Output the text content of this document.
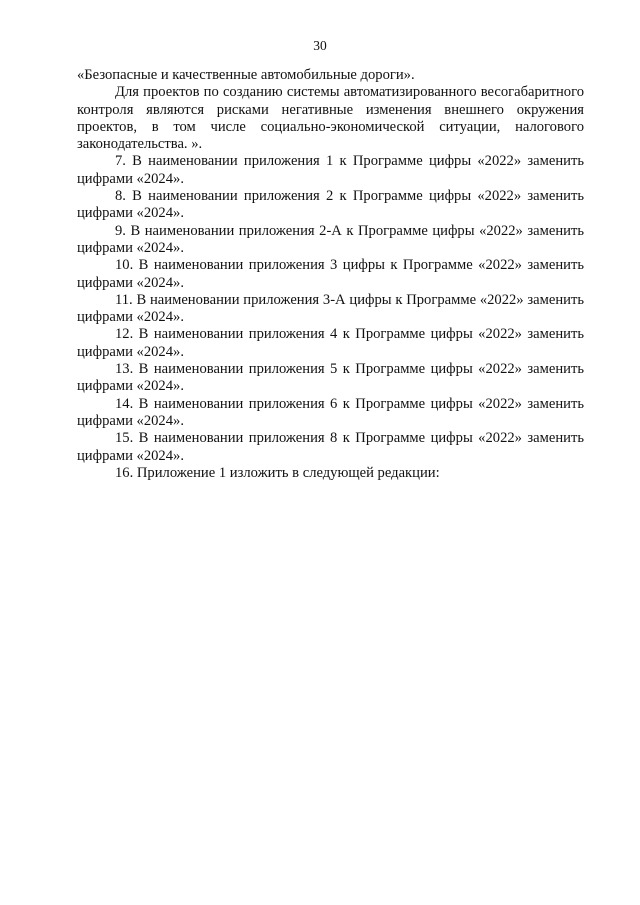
30

«Безопасные и качественные автомобильные дороги».

Для проектов по созданию системы автоматизированного весогабаритного контроля являются рисками негативные изменения внешнего окружения проектов, в том числе социально-экономической ситуации, налогового законодательства. ».

7. В наименовании приложения 1 к Программе цифры «2022» заменить цифрами «2024».

8. В наименовании приложения 2 к Программе цифры «2022» заменить цифрами «2024».

9. В наименовании приложения 2-А к Программе цифры «2022» заменить цифрами «2024».

10. В наименовании приложения 3 цифры к Программе «2022» заменить цифрами «2024».

11. В наименовании приложения 3-А цифры к Программе «2022» заменить цифрами «2024».

12. В наименовании приложения 4 к Программе цифры «2022» заменить цифрами «2024».

13. В наименовании приложения 5 к Программе цифры «2022» заменить цифрами «2024».

14. В наименовании приложения 6 к Программе цифры «2022» заменить цифрами «2024».

15. В наименовании приложения 8 к Программе цифры «2022» заменить цифрами «2024».

16. Приложение 1 изложить в следующей редакции:
